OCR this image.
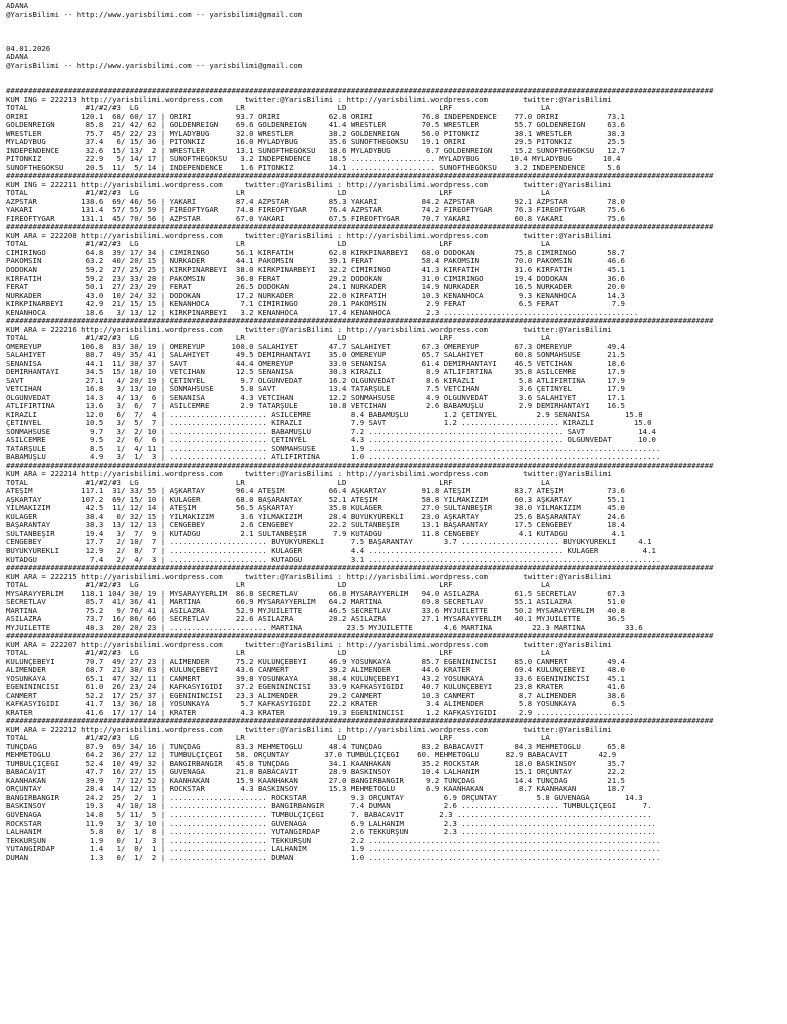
ADANA
@YarisBilimi -- http://www.yarisbilimi.com -- yarisbilimi@gmail.com
04.01.2026
ADANA
@YarisBilimi -- http://www.yarisbilimi.com -- yarisbilimi@gmail.com
################################################################################################################################################################
KUM ING = 222213 http://yarisbilimi.wordpress.com     twitter:@YarisBilimi : http://yarisbilimi.wordpress.com        twitter:@YarisBilimi
TOTAL             #1/#2/#3  LG                      LR                     LD                     LRF                    LA
ORIRI            120.1  68/ 60/ 17 | ORIRI          93.7 ORIRI           62.8 ORIRI           76.8 INDEPENDENCE    77.0 ORIRI           73.1
GOLDENREIGN       85.8  21/ 42/ 62 | GOLDENREIGN    69.6 GOLDENREIGN     41.4 WRESTLER        70.5 WRESTLER        55.7 GOLDENREIGN     63.6
WRESTLER          75.7  45/ 22/ 23 | MYLADYBUG      32.0 WRESTLER        38.2 GOLDENREIGN     56.0 PITONKIZ        38.1 WRESTLER        38.3
MYLADYBUG         37.4   6/ 15/ 36 | PITONKIZ       16.0 MYLADYBUG       35.6 SUNOFTHEGÖKSU   19.1 ORIRI           29.5 PITONKIZ        25.5
INDEPENDENCE      32.6  15/ 13/  2 | WRESTLER       13.1 SUNOFTHEGÖKSU   18.6 MYLADYBUG        6.7 GOLDENREIGN     15.2 SUNOFTHEGÖKSU   12.7
PITONKIZ          22.9   5/ 14/ 17 | SUNOFTHEGÖKSU   3.2 INDEPENDENCE    18.5 ................... MYLADYBUG       10.4 MYLADYBUG       10.4
SUNOFTHEGÖKSU     20.5  11/  5/ 14 | INDEPENDENCE    1.6 PITONKIZ        14.1 ................... SUNOFTHEGÖKSU    3.2 INDEPENDENCE     5.6
################################################################################################################################################################
KUM ING = 222211 http://yarisbilimi.wordpress.com     twitter:@YarisBilimi : http://yarisbilimi.wordpress.com        twitter:@YarisBilimi
TOTAL             #1/#2/#3  LG                      LR                     LD                     LRF                    LA
AZPSTAR          138.6  69/ 46/ 56 | YAKARİ         87.4 AZPSTAR         85.3 YAKARİ          84.2 AZPSTAR         92.1 AZPSTAR         78.0
YAKARİ           131.4  57/ 55/ 59 | FIREOFTYGAR    74.8 FIREOFTYGAR     76.4 AZPSTAR         74.2 FIREOFTYGAR     76.3 FIREOFTYGAR     75.6
FIREOFTYGAR      131.1  45/ 70/ 56 | AZPSTAR        67.0 YAKARİ          67.5 FIREOFTYGAR     70.7 YAKARİ          60.8 YAKARİ          75.6
################################################################################################################################################################
KUM ARA = 222208 http://yarisbilimi.wordpress.com     twitter:@YarisBilimi : http://yarisbilimi.wordpress.com        twitter:@YarisBilimi
TOTAL             #1/#2/#3  LG                      LR                     LD                     LRF                    LA
CİMİRİNGO         64.8  39/ 17/ 34 | CİMİRİNGO      56.1 KIRFATİH        62.8 KIRKPINARBEYİ   68.0 DODOKAN         75.8 CİMİRİNGO       58.7
PAKOMSIN          63.2  40/ 20/ 15 | NURKADER       44.1 PAKOMSIN        39.1 FERAT           58.4 PAKOMSIN        70.0 PAKOMSIN        46.6
DODOKAN           59.2  27/ 25/ 25 | KIRKPINARBEYİ  38.0 KIRKPINARBEYİ   32.2 CİMİRİNGO       41.3 KIRFATİH        31.6 KIRFATİH        45.1
KIRFATİH          59.2  23/ 33/ 28 | PAKOMSIN       36.8 FERAT           29.2 DODOKAN         31.0 CİMİRİNGO       19.4 DODOKAN         36.6
FERAT             50.1  27/ 23/ 29 | FERAT          26.5 DODOKAN         24.1 NURKADER        14.9 NURKADER        16.5 NURKADER        20.0
NURKADER          43.0  10/ 24/ 32 | DODOKAN        17.2 NURKADER        22.0 KIRFATİH        10.3 KENANHOCA        9.3 KENANHOCA       14.3
KIRKPINARBEYİ     42.9  21/ 15/ 15 | KENANHOCA       7.1 CİMİRİNGO       20.1 PAKOMSIN         2.9 FERAT            6.5 FERAT            7.9
KENANHOCA         18.6   3/ 13/ 12 | KIRKPINARBEYİ   3.2 KENANHOCA       17.4 KENANHOCA        2.3 ............................................
################################################################################################################################################################
KUM ARA = 222216 http://yarisbilimi.wordpress.com     twitter:@YarisBilimi : http://yarisbilimi.wordpress.com        twitter:@YarisBilimi
TOTAL             #1/#2/#3  LG                      LR                     LD                     LRF                    LA
ÖMEREYÜP         106.8  83/ 30/ 19 | ÖMEREYÜP      100.0 SALAHİYET       47.7 SALAHİYET       67.3 ÖMEREYÜP        67.3 ÖMEREYÜP        49.4
SALAHİYET         88.7  49/ 35/ 41 | SALAHİYET      49.5 DEMİRHANTAYI    35.0 ÖMEREYÜP        65.7 SALAHİYET       60.8 SONMAHSUSE      21.5
SENANİSA          44.1  11/ 30/ 37 | SAVT           44.4 ÖMEREYÜP        33.0 SENANİSA        61.4 DEMİRHANTAYI    46.5 VETCİHAN        18.6
DEMİRHANTAYI      34.5  15/ 18/ 10 | VETCİHAN       12.5 SENANİSA        30.3 KIRAZLI          8.9 ATLIFIRTINA     35.8 ASİLCEMRE       17.9
SAVT              27.1   4/ 20/ 19 | ÇETİNYEL        9.7 OLGUNVEDAT      16.2 OLGUNVEDAT       8.6 KIRAZLI          5.8 ATLIFIRTINA     17.9
VETCİHAN          16.8   3/ 13/ 10 | SONMAHSUSE      5.8 SAVT            13.4 TATARŞULE        7.5 VETCİHAN         3.6 ÇETİNYEL        17.9
OLGUNVEDAT        14.3   4/ 13/  6 | SENANİSA        4.3 VETCİHAN        12.2 SONMAHSUSE       4.9 OLGUNVEDAT       3.6 SALAHİYET       17.1
ATLIFIRTINA       13.6   3/  6/  7 | ASİLCEMRE       2.9 TATARŞULE       10.8 VETCİHAN         2.6 BABAMUŞLU        2.9 DEMİRHANTAYI    16.5
KIRAZLI           12.0   6/  7/  4 | ...................... ASİLCEMRE         8.4 BABAMUŞLU        1.2 ÇETİNYEL         2.9 SENANİSA        15.8
ÇETİNYEL          10.5   3/  5/  7 | ...................... KIRAZLI           7.9 SAVT             1.2 ...................... KIRAZLI         15.0
SONMAHSUSE         9.7   3/  2/ 10 | ...................... BABAMUŞLU         7.2 ............................................ SAVT            14.4
ASİLCEMRE          9.5   2/  6/  6 | ...................... ÇETİNYEL          4.3 ............................................ OLGUNVEDAT      10.0
TATARŞULE          8.5   1/  4/ 11 | ...................... SONMAHSUSE        1.9 ..................................................................
BABAMUŞLU          4.9   3/  1/  3 | ...................... ATLIFIRTINA       1.0 ..................................................................
################################################################################################################################################################
KUM ARA = 222214 http://yarisbilimi.wordpress.com     twitter:@YarisBilimi : http://yarisbilimi.wordpress.com        twitter:@YarisBilimi
TOTAL             #1/#2/#3  LG                      LR                     LD                     LRF                    LA
ATEŞİM           117.1  31/ 33/ 55 | AŞKARTAY       96.4 ATEŞİM          66.4 AŞKARTAY        91.8 ATEŞİM          83.7 ATEŞİM          73.6
AŞKARTAY         107.2  69/ 15/ 10 | KULAGER        68.0 BAŞARANTAY      52.1 ATEŞİM          58.8 YILMAKIZIM      60.3 AŞKARTAY        55.1
YILMAKIZIM        42.5  11/ 12/ 14 | ATEŞİM         56.5 AŞKARTAY        35.8 KULAGER         27.0 SULTANBEŞİR     38.0 YILMAKIZIM      45.0
KULAGER           38.4   0/ 32/ 15 | YILMAKIZIM      3.6 YILMAKIZIM      28.4 BÜYÜKYÜREKLİ    23.0 AŞKARTAY        25.6 BAŞARANTAY      24.6
BAŞARANTAY        38.3  13/ 12/ 13 | CENGEBEY        2.6 CENGEBEY        22.2 SULTANBEŞİR     13.1 BAŞARANTAY      17.5 CENGEBEY        18.4
SULTANBEŞİR       19.4   3/  7/  9 | KUTADGU         2.1 SULTANBEŞİR      7.9 KUTADGU         11.8 CENGEBEY         4.1 KUTADGU          4.1
CENGEBEY          17.7   2/ 10/  7 | ...................... BÜYÜKYÜREKLİ      7.5 BAŞARANTAY       3.7 ...................... BÜYÜKYÜREKLİ     4.1
BÜYÜKYÜREKLİ      12.9   2/  8/  7 | ...................... KULAGER           4.4 ............................................ KULAGER          4.1
KUTADGU            7.4   2/  4/  3 | ...................... KUTADGU           3.1 ..................................................................
################################################################################################################################################################
KUM ARA = 222215 http://yarisbilimi.wordpress.com     twitter:@YarisBilimi : http://yarisbilimi.wordpress.com        twitter:@YarisBilimi
TOTAL             #1/#2/#3  LG                      LR                     LD                     LRF                    LA
MYSARAYYERLİM    118.1 104/ 30/ 19 | MYSARAYYERLİM  86.8 SECRETLAV       66.8 MYSARAYYERLİM   94.0 ASILAZRA        61.5 SECRETLAV       67.3
SECRETLAV         85.7  41/ 36/ 41 | MARTİNA        66.9 MYSARAYYERLİM   64.2 MARTİNA         69.8 SECRETLAV       55.1 ASILAZRA        51.0
MARTİNA           75.2   9/ 76/ 41 | ASILAZRA       52.9 MYJUILETTE      46.5 SECRETLAV       33.6 MYJUILETTE      50.2 MYSARAYYERLİM   40.8
ASILAZRA          73.7  16/ 86/ 66 | SECRETLAV      22.6 ASILAZRA        28.2 ASILAZRA        27.1 MYSARAYYERLİM   40.1 MYJUILETTE      36.5
MYJUILETTE        48.3  20/ 20/ 23 | ...................... MARTİNA          23.5 MYJUILETTE       4.6 MARTİNA         22.3 MARTİNA         33.6
################################################################################################################################################################
KUM ARA = 222207 http://yarisbilimi.wordpress.com     twitter:@YarisBilimi : http://yarisbilimi.wordpress.com        twitter:@YarisBilimi
TOTAL             #1/#2/#3  LG                      LR                     LD                     LRF                    LA
KÜLÜNÇEBEYİ       70.7  49/ 27/ 23 | ALİMENDER      75.2 KÜLÜNÇEBEYİ     46.9 YOSUNKAYA       85.7 EGENİNİNCİSİ    85.0 CANMERT         49.4
ALİMENDER         68.7  21/ 30/ 63 | KÜLÜNÇEBEYİ    43.6 CANMERT         39.2 ALİMENDER       44.6 KRATER          69.4 KÜLÜNÇEBEYİ     48.0
YOSUNKAYA         65.1  47/ 32/ 11 | CANMERT        39.8 YOSUNKAYA       38.4 KÜLÜNÇEBEYİ     43.2 YOSUNKAYA       33.6 EGENİNİNCİSİ    45.1
EGENİNİNCİSİ      61.0  26/ 23/ 24 | KAFKASYIĞIDI   37.2 EGENİNİNCİSİ    33.9 KAFKASYIĞIDI    40.7 KÜLÜNÇEBEYİ     23.8 KRATER          41.6
CANMERT           52.2  17/ 25/ 37 | EGENİNİNCİSİ   23.3 ALİMENDER       29.2 CANMERT         10.3 CANMERT          8.7 ALİMENDER       38.6
KAFKASYIĞIDI      41.7  13/ 36/ 18 | YOSUNKAYA       5.7 KAFKASYIĞIDI    22.2 KRATER           3.4 ALİMENDER        5.8 YOSUNKAYA        6.5
KRATER            41.6  17/ 17/ 14 | KRATER          4.3 KRATER          19.3 EGENİNİNCİSİ     1.2 KAFKASYIĞIDI     2.9 ......................
################################################################################################################################################################
KUM ARA = 222212 http://yarisbilimi.wordpress.com     twitter:@YarisBilimi : http://yarisbilimi.wordpress.com        twitter:@YarisBilimi
TOTAL             #1/#2/#3  LG                      LR                     LD                     LRF                    LA
TUNÇDAĞ           87.9  69/ 34/ 16 | TUNÇDAĞ        83.3 MEHMETOĞLU      48.4 TUNÇDAĞ         83.2 BABACAVİT       84.3 MEHMETOĞLU      65.8
MEHMETOĞLU        64.2  36/ 27/ 12 | TUMBULÇİÇEĞİ   58. ORÇUNTAY        37.0 TUMBULÇİÇEĞİ    60. MEHMETOĞLU      82.9 BABACAVİT       42.9
TUMBULÇİÇEĞİ      52.4  10/ 49/ 32 | BANGIRBANGIR   45.0 TUNÇDAĞ         34.1 KAANHAKAN       35.2 ROCKSTAR        18.0 BASKINSOY       35.7
BABACAVİT         47.7  16/ 27/ 15 | GÜVENAĞA       21.8 BABACAVİT       28.9 BASKINSOY       10.4 LALHANIM        15.1 ORÇUNTAY        22.2
KAANHAKAN         39.9   7/ 12/ 52 | KAANHAKAN      15.9 KAANHAKAN       27.0 BANGIRBANGIR     9.2 TUNÇDAĞ         14.4 TUNÇDAĞ         21.5
ORÇUNTAY          28.4  14/ 12/ 15 | ROCKSTAR        4.3 BASKINSOY       15.3 MEHMETOĞLU       6.9 KAANHAKAN        8.7 KAANHAKAN       18.7
BANGIRBANGIR      24.2  25/  2/  1 | ...................... ROCKSTAR          9.3 ORÇUNTAY         6.9 ORÇUNTAY         5.8 GÜVENAĞA        14.3
BASKINSOY         19.3   4/ 10/ 18 | ...................... BANGIRBANGIR      7.4 DUMAN            2.6 ...................... TUMBULÇİÇEĞİ      7.
GÜVENAĞA          14.8   5/ 11/  5 | ...................... TUMBULÇİÇEĞİ      7. BABACAVİT        2.3 ............................................
ROCKSTAR          11.9   3/  3/ 10 | ...................... GÜVENAĞA          6.9 LALHANIM         2.3 ............................................
LALHANIM           5.8   0/  1/  8 | ...................... YUTANGIRDAP       2.6 TEKKURŞUN        2.3 ............................................
TEKKURŞUN          1.9   0/  1/  3 | ...................... TEKKURŞUN         2.2 ..................................................................
YUTANGIRDAP        1.4   1/  0/  1 | ...................... LALHANIM          1.9 ..................................................................
DUMAN              1.3   0/  1/  2 | ...................... DUMAN             1.0 ..................................................................
